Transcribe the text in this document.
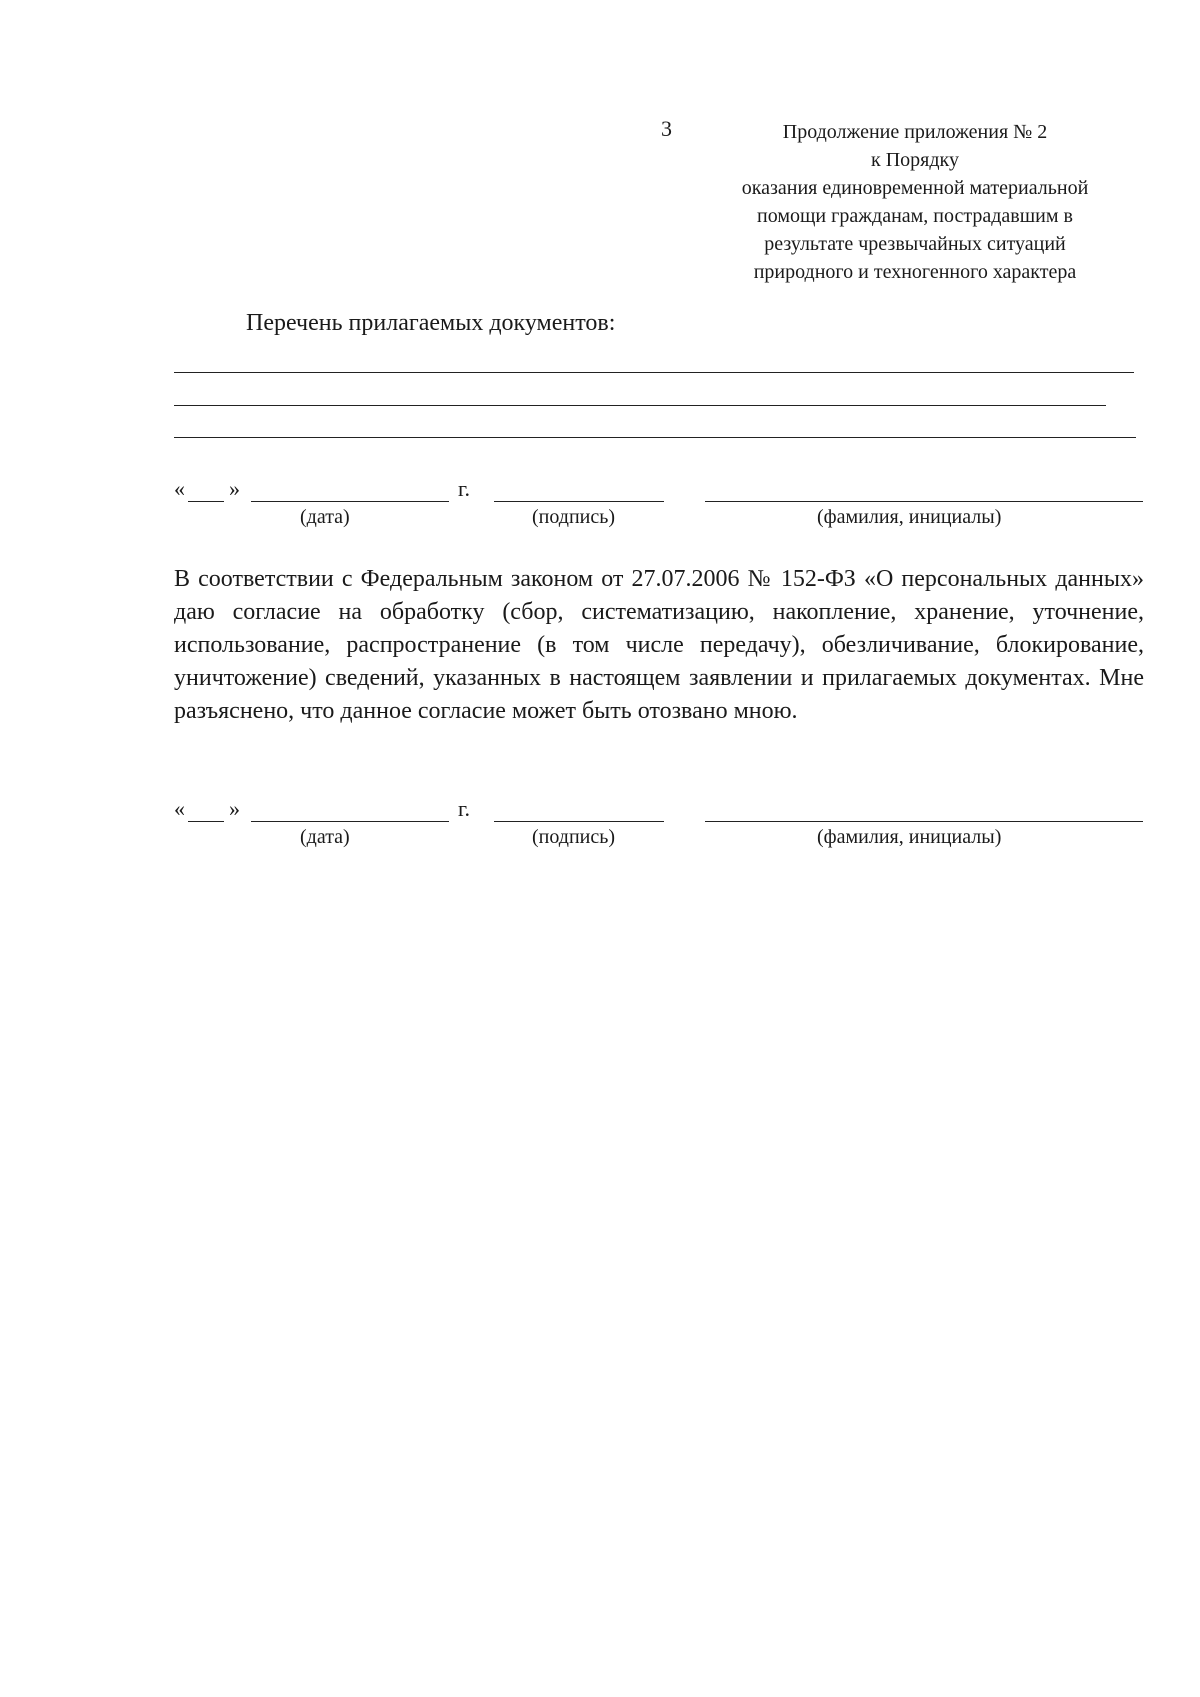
3	Продолжение приложения № 2
к Порядку
оказания единовременной материальной
помощи гражданам, пострадавшим в
результате чрезвычайных ситуаций
природного и техногенного характера
Перечень прилагаемых документов:
« »	г.
(дата)	(подпись)	(фамилия, инициалы)
В соответствии с Федеральным законом от 27.07.2006 № 152-ФЗ «О персональных данных» даю согласие на обработку (сбор, систематизацию, накопление, хранение, уточнение, использование, распространение (в том числе передачу), обезличивание, блокирование, уничтожение) сведений, указанных в настоящем заявлении и прилагаемых документах. Мне разъяснено, что данное согласие может быть отозвано мною.
« »	г.
(дата)	(подпись)	(фамилия, инициалы)
